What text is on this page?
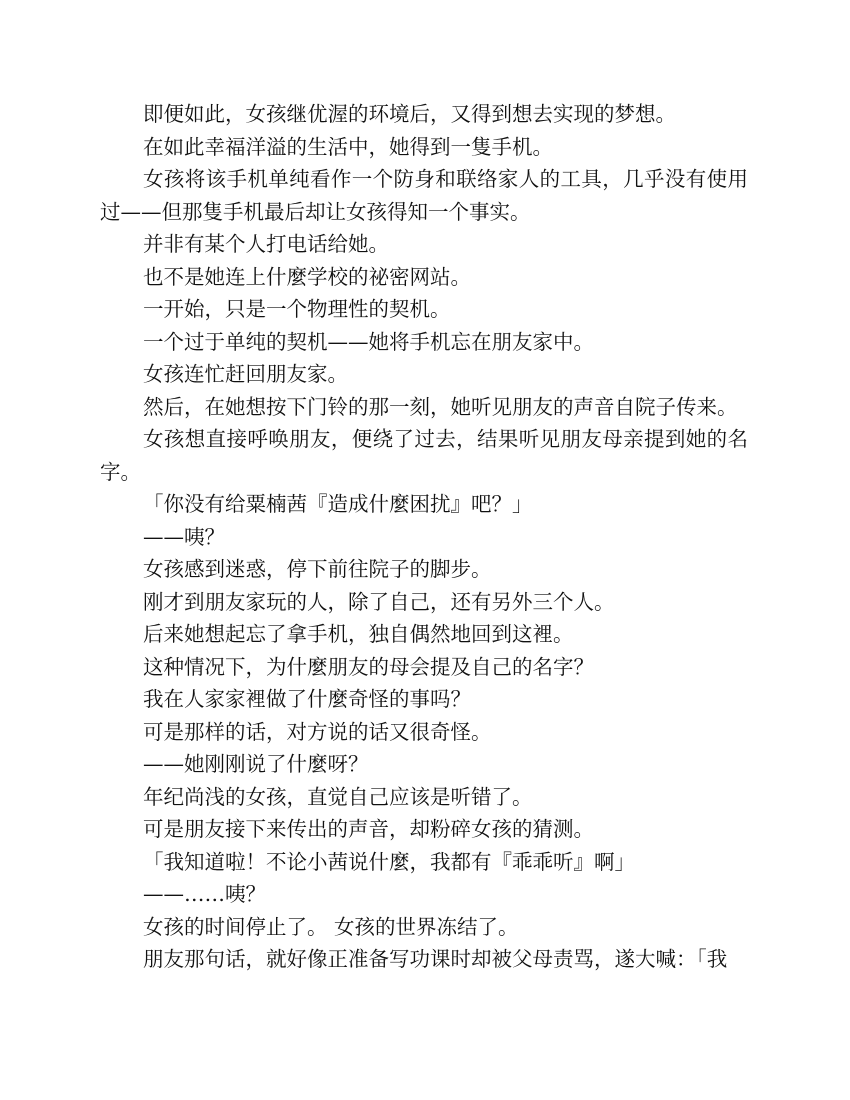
即便如此，女孩继优渥的环境后，又得到想去实现的梦想。

在如此幸福洋溢的生活中，她得到一隻手机。

女孩将该手机单纯看作一个防身和联络家人的工具，几乎没有使用过——但那隻手机最后却让女孩得知一个事实。

并非有某个人打电话给她。

也不是她连上什麼学校的祕密网站。

一开始，只是一个物理性的契机。

一个过于单纯的契机——她将手机忘在朋友家中。

女孩连忙赶回朋友家。

然后，在她想按下门铃的那一刻，她听见朋友的声音自院子传来。

女孩想直接呼唤朋友，便绕了过去，结果听见朋友母亲提到她的名字。

「你没有给粟楠茜『造成什麼困扰』吧？」

——咦？

女孩感到迷惑，停下前往院子的脚步。

刚才到朋友家玩的人，除了自己，还有另外三个人。

后来她想起忘了拿手机，独自偶然地回到这裡。

这种情况下，为什麼朋友的母会提及自己的名字？

我在人家家裡做了什麼奇怪的事吗？

可是那样的话，对方说的话又很奇怪。

——她刚刚说了什麼呀？

年纪尚浅的女孩，直觉自己应该是听错了。

可是朋友接下来传出的声音，却粉碎女孩的猜测。

「我知道啦！不论小茜说什麼，我都有『乖乖听』啊」

——……咦？

女孩的时间停止了。 女孩的世界冻结了。

朋友那句话，就好像正准备写功课时却被父母责骂，遂大喊：「我
